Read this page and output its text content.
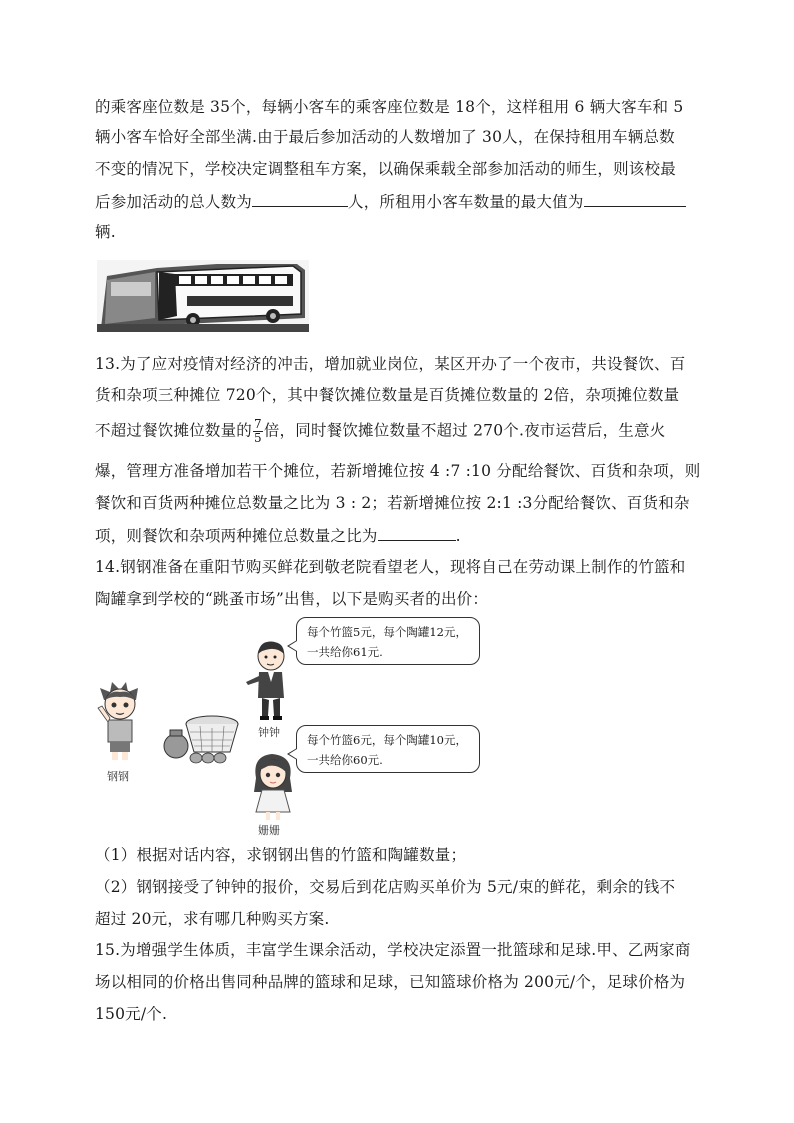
的乘客座位数是 35个，每辆小客车的乘客座位数是 18个，这样租用 6 辆大客车和 5
辆小客车恰好全部坐满.由于最后参加活动的人数增加了 30人，在保持租用车辆总数
不变的情况下，学校决定调整租车方案，以确保乘载全部参加活动的师生，则该校最
后参加活动的总人数为	人，所租用小客车数量的最大值为
辆.
13.为了应对疫情对经济的冲击，增加就业岗位，某区开办了一个夜市，共设餐饮、百
货和杂项三种摊位 720个，其中餐饮摊位数量是百货摊位数量的 2倍，杂项摊位数量
不超过餐饮摊位数量的 $\frac{7}{5}$ 倍，同时餐饮摊位数量不超过 270个.夜市运营后，生意火
爆，管理方准备增加若干个摊位，若新增摊位按 4 :7 :10 分配给餐饮、百货和杂项，则
餐饮和百货两种摊位总数量之比为 3 : 2；若新增摊位按 2:1 :3分配给餐饮、百货和杂
项，则餐饮和杂项两种摊位总数量之比为	.
14.钢钢准备在重阳节购买鲜花到敬老院看望老人，现将自己在劳动课上制作的竹篮和
陶罐拿到学校的“跳蚤市场”出售，以下是购买者的出价：
每个竹篮5元，每个陶罐12元，
一共给你61元.
每个竹篮6元，每个陶罐10元，
一共给你60元.
钟钟
钢钢
姗姗
（1）根据对话内容，求钢钢出售的竹篮和陶罐数量；
（2）钢钢接受了钟钟的报价，交易后到花店购买单价为 5元/束的鲜花，剩余的钱不
超过 20元，求有哪几种购买方案.
15.为增强学生体质，丰富学生课余活动，学校决定添置一批篮球和足球.甲、乙两家商
场以相同的价格出售同种品牌的篮球和足球，已知篮球价格为 200元/个，足球价格为
150元/个.
